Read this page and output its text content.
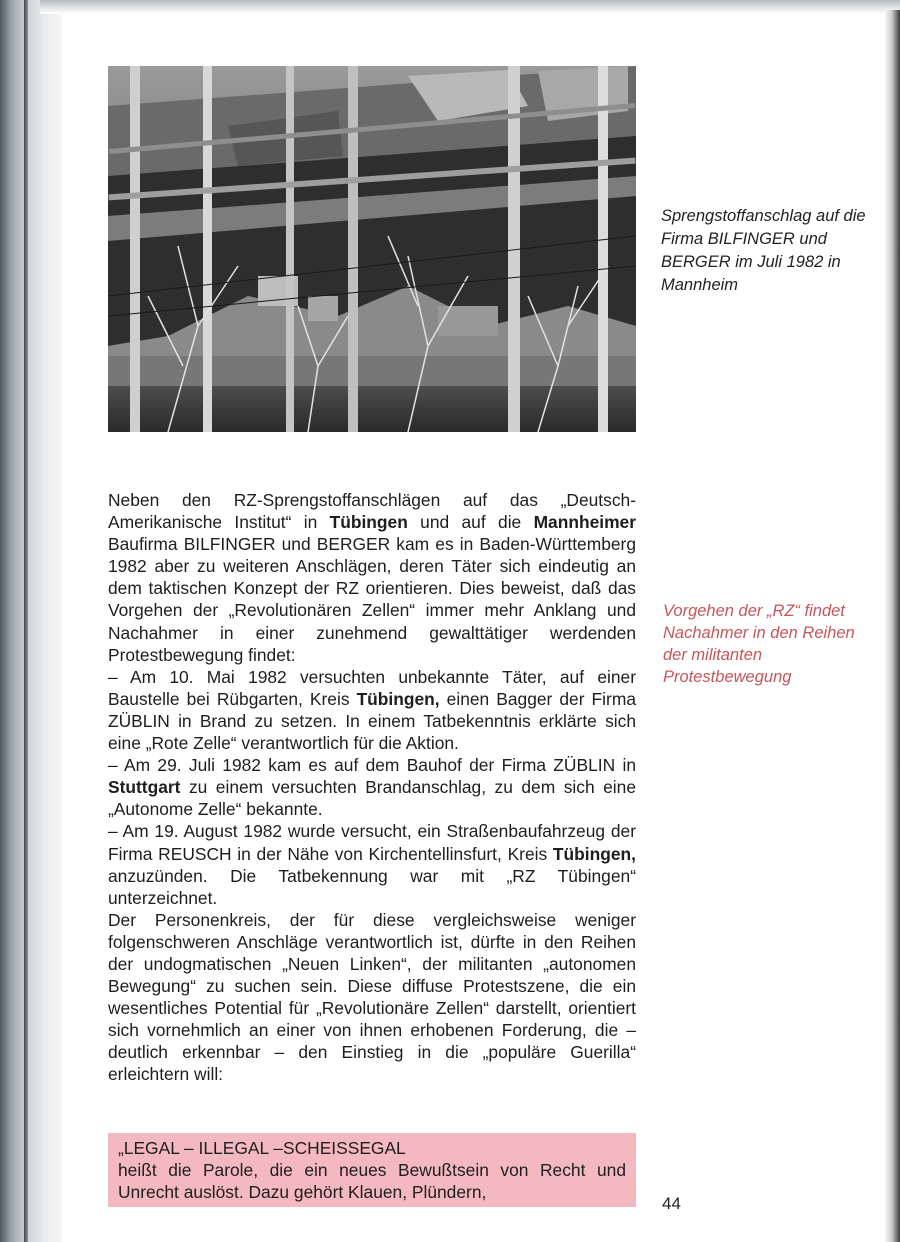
Sprengstoffanschlag auf die Firma BILFINGER und BERGER im Juli 1982 in Mannheim

Neben den RZ-Sprengstoffanschlägen auf das „Deutsch-Amerikanische Institut“ in Tübingen und auf die Mannheimer Baufirma BILFINGER und BERGER kam es in Baden-Württemberg 1982 aber zu weiteren Anschlägen, deren Täter sich eindeutig an dem taktischen Konzept der RZ orientieren. Dies beweist, daß das Vorgehen der „Revolutionären Zellen“ immer mehr Anklang und Nachahmer in einer zunehmend gewalttätiger werdenden Protestbewegung findet:

– Am 10. Mai 1982 versuchten unbekannte Täter, auf einer Baustelle bei Rübgarten, Kreis Tübingen, einen Bagger der Firma ZÜBLIN in Brand zu setzen. In einem Tatbekenntnis erklärte sich eine „Rote Zelle“ verantwortlich für die Aktion.

– Am 29. Juli 1982 kam es auf dem Bauhof der Firma ZÜBLIN in Stuttgart zu einem versuchten Brandanschlag, zu dem sich eine „Autonome Zelle“ bekannte.

– Am 19. August 1982 wurde versucht, ein Straßenbaufahrzeug der Firma REUSCH in der Nähe von Kirchentellinsfurt, Kreis Tübingen, anzuzünden. Die Tatbekennung war mit „RZ Tübingen“ unterzeichnet.

Der Personenkreis, der für diese vergleichsweise weniger folgenschweren Anschläge verantwortlich ist, dürfte in den Reihen der undogmatischen „Neuen Linken“, der militanten „autonomen Bewegung“ zu suchen sein. Diese diffuse Protestszene, die ein wesentliches Potential für „Revolutionäre Zellen“ darstellt, orientiert sich vornehmlich an einer von ihnen erhobenen Forderung, die – deutlich erkennbar – den Einstieg in die „populäre Guerilla“ erleichtern will:

Vorgehen der „RZ“ findet Nachahmer in den Reihen der militanten Protestbewegung

„LEGAL – ILLEGAL –SCHEISSEGAL

heißt die Parole, die ein neues Bewußtsein von Recht und Unrecht auslöst. Dazu gehört Klauen, Plündern,

44
